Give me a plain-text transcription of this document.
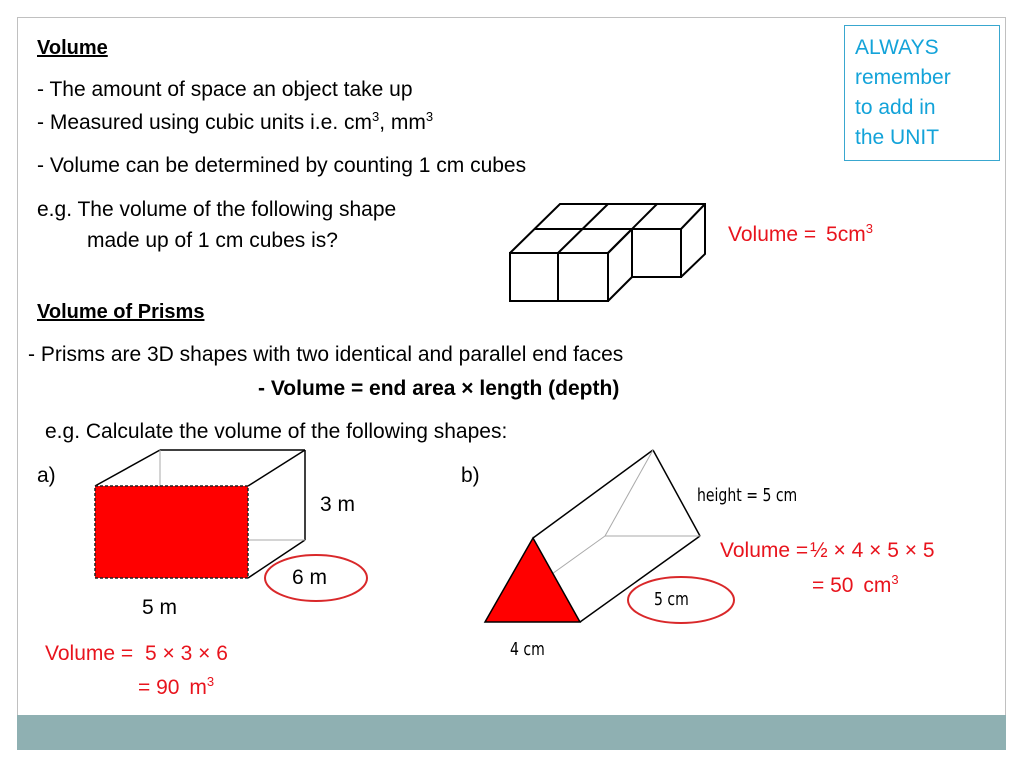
Volume
- The amount of space an object take up
- Measured using cubic units i.e. $cm^3$, $mm^3$
- Volume can be determined by counting 1 cm cubes
e.g. The volume of the following shape
made up of 1 cm cubes is?	Volume = $5cm^3$
ALWAYS
remember
to add in
the UNIT
Volume of Prisms
- Prisms are 3D shapes with two identical and parallel end faces
- Volume = end area × length (depth)
e.g. Calculate the volume of the following shapes:
a)
3 m
6 m
5 m
Volume = 5 × 3 × 6
= 90 $m^3$
b)
height = 5 cm
5 cm
4 cm
Volume =½ × 4 × 5 × 5
= 50 $cm^3$
